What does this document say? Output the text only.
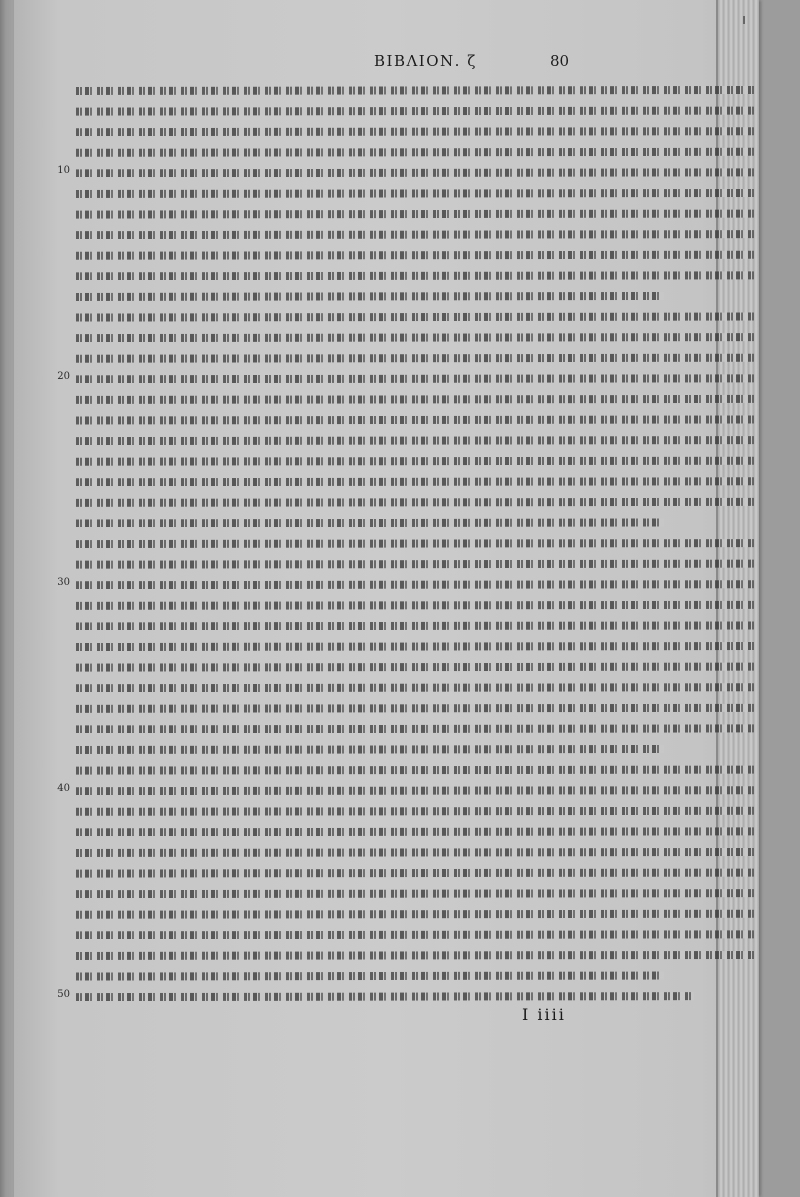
ΒΙΒΛΙΟΝ. ζ	80
10
20
30
40
50
I iiii
